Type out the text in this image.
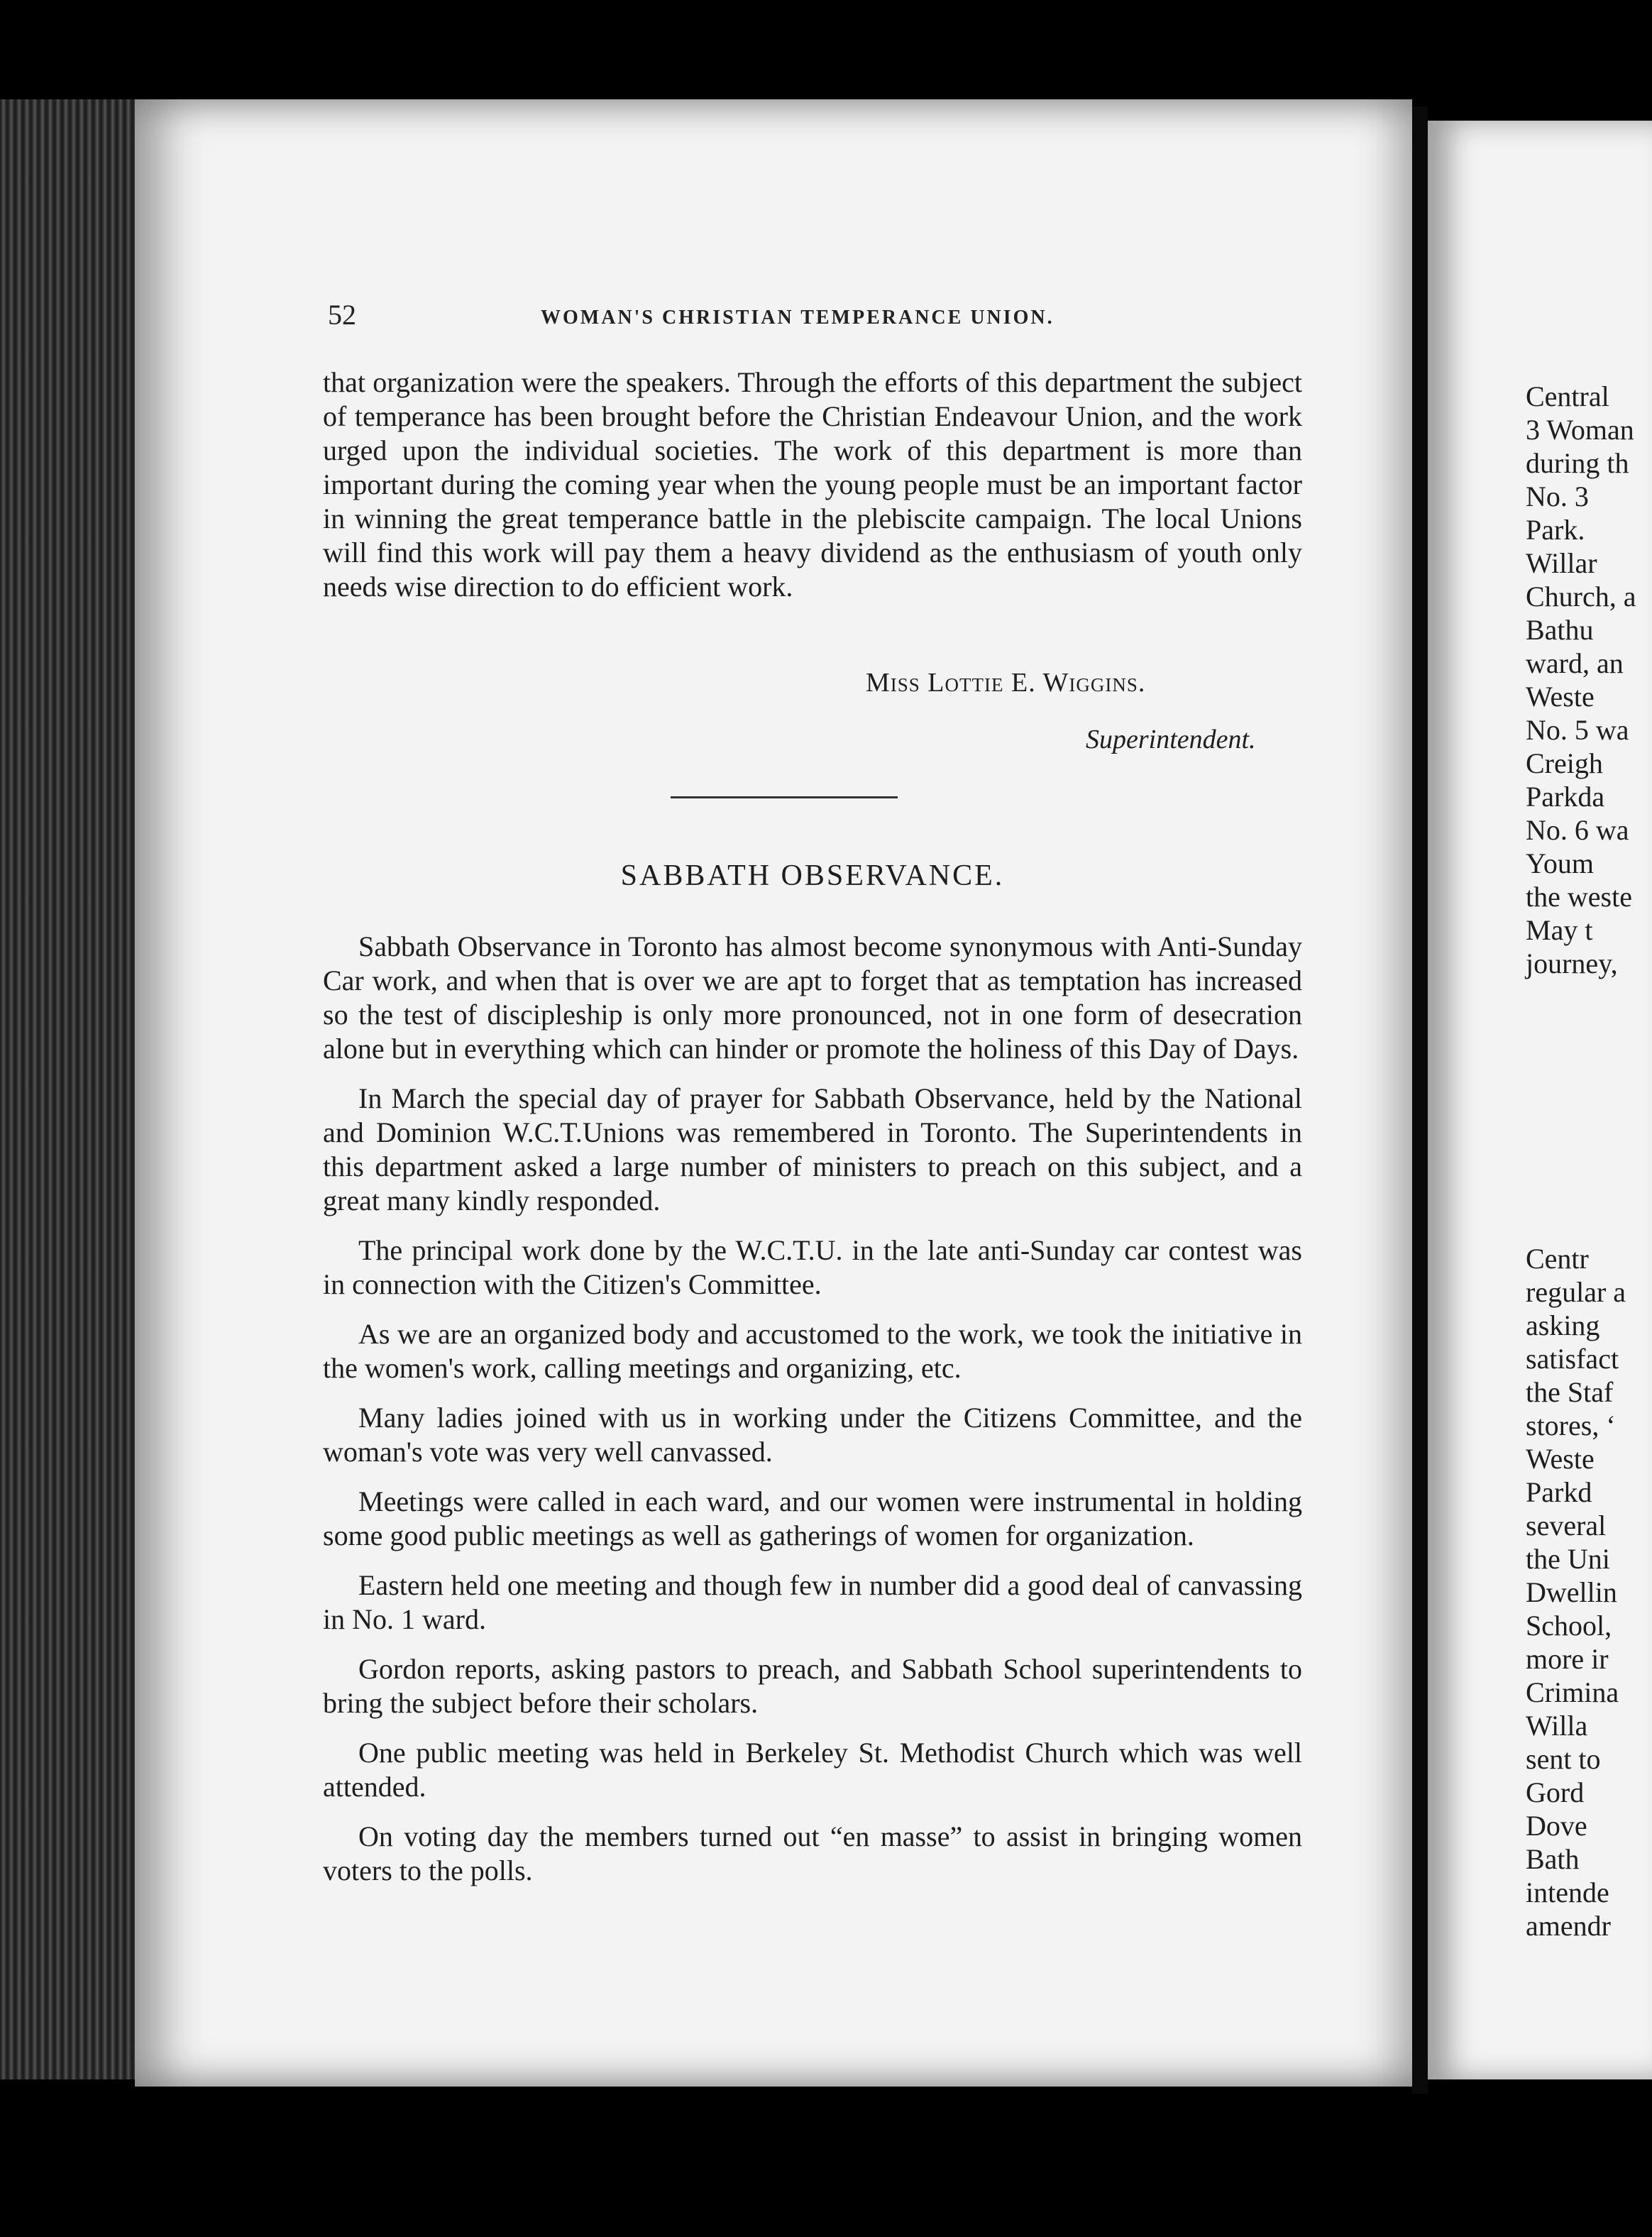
52	WOMAN'S CHRISTIAN TEMPERANCE UNION.

that organization were the speakers. Through the efforts of this department the subject of temperance has been brought before the Christian Endeavour Union, and the work urged upon the individual societies. The work of this department is more than important during the coming year when the young people must be an important factor in winning the great temperance battle in the plebiscite campaign. The local Unions will find this work will pay them a heavy dividend as the enthusiasm of youth only needs wise direction to do efficient work.

Miss Lottie E. Wiggins.
Superintendent.
SABBATH OBSERVANCE.

Sabbath Observance in Toronto has almost become synonymous with Anti-Sunday Car work, and when that is over we are apt to forget that as temptation has increased so the test of discipleship is only more pronounced, not in one form of desecration alone but in everything which can hinder or promote the holiness of this Day of Days.

In March the special day of prayer for Sabbath Observance, held by the National and Dominion W.C.T.Unions was remembered in Toronto. The Superintendents in this department asked a large number of ministers to preach on this subject, and a great many kindly responded.

The principal work done by the W.C.T.U. in the late anti-Sunday car contest was in connection with the Citizen's Committee.

As we are an organized body and accustomed to the work, we took the initiative in the women's work, calling meetings and organizing, etc.

Many ladies joined with us in working under the Citizens Committee, and the woman's vote was very well canvassed.

Meetings were called in each ward, and our women were instrumental in holding some good public meetings as well as gatherings of women for organization.

Eastern held one meeting and though few in number did a good deal of canvassing in No. 1 ward.

Gordon reports, asking pastors to preach, and Sabbath School superintendents to bring the subject before their scholars.

One public meeting was held in Berkeley St. Methodist Church which was well attended.

On voting day the members turned out “en masse” to assist in bringing women voters to the polls.

Central
3 Woman
during th
No. 3
Park.
Willar
Church, a
Bathu
ward, an
Weste
No. 5 wa
Creigh
Parkda
No. 6 wa
Youm
the weste
May t
journey,
Centr
regular a
asking
satisfact
the Staf
stores, ‘
Weste
Parkd
several
the Uni
Dwellin
School,
more ir
Crimina
Willa
sent to
Gord
Dove
Bath
intende
amendr
